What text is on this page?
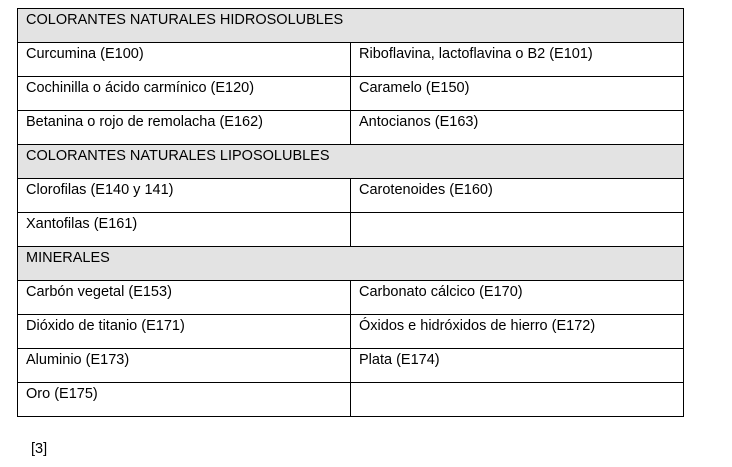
COLORANTES NATURALES HIDROSOLUBLES	
Curcumina (E100)	Riboflavina, lactoflavina o B2 (E101)
Cochinilla o ácido carmínico (E120)	Caramelo (E150)
Betanina o rojo de remolacha (E162)	Antocianos (E163)
COLORANTES NATURALES LIPOSOLUBLES	
Clorofilas (E140 y 141)	Carotenoides (E160)
Xantofilas (E161)	
MINERALES	
Carbón vegetal (E153)	Carbonato cálcico (E170)
Dióxido de titanio (E171)	Óxidos e hidróxidos de hierro (E172)
Aluminio (E173)	Plata (E174)
Oro (E175)	
[3]
